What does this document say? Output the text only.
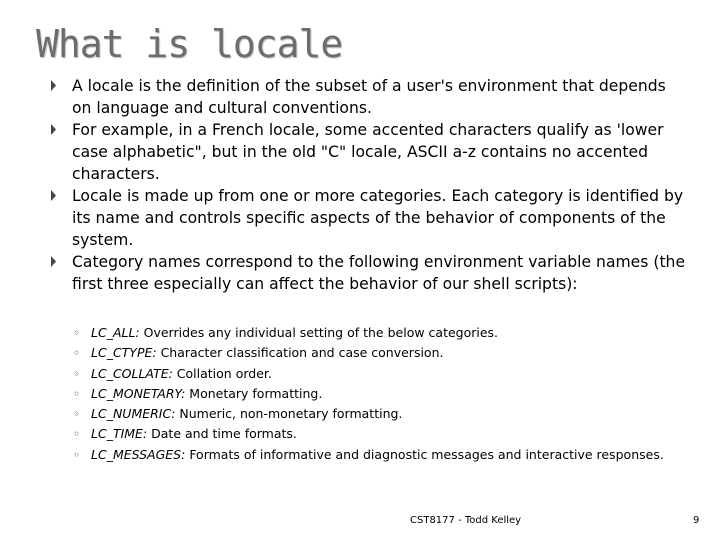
What is locale
A locale is the definition of the subset of a user's environment that depends on language and cultural conventions.
For example, in a French locale, some accented characters qualify as 'lower case alphabetic", but in the old "C" locale, ASCII a-z contains no accented characters.
Locale is made up from one or more categories. Each category is identified by its name and controls specific aspects of the behavior of components of the system.
Category names correspond to the following environment variable names (the first three especially can affect the behavior of our shell scripts):
◦ LC_ALL: Overrides any individual setting of the below categories.
◦ LC_CTYPE: Character classification and case conversion.
◦ LC_COLLATE: Collation order.
◦ LC_MONETARY: Monetary formatting.
◦ LC_NUMERIC: Numeric, non-monetary formatting.
◦ LC_TIME: Date and time formats.
◦ LC_MESSAGES: Formats of informative and diagnostic messages and interactive responses.
CST8177 - Todd Kelley	9
